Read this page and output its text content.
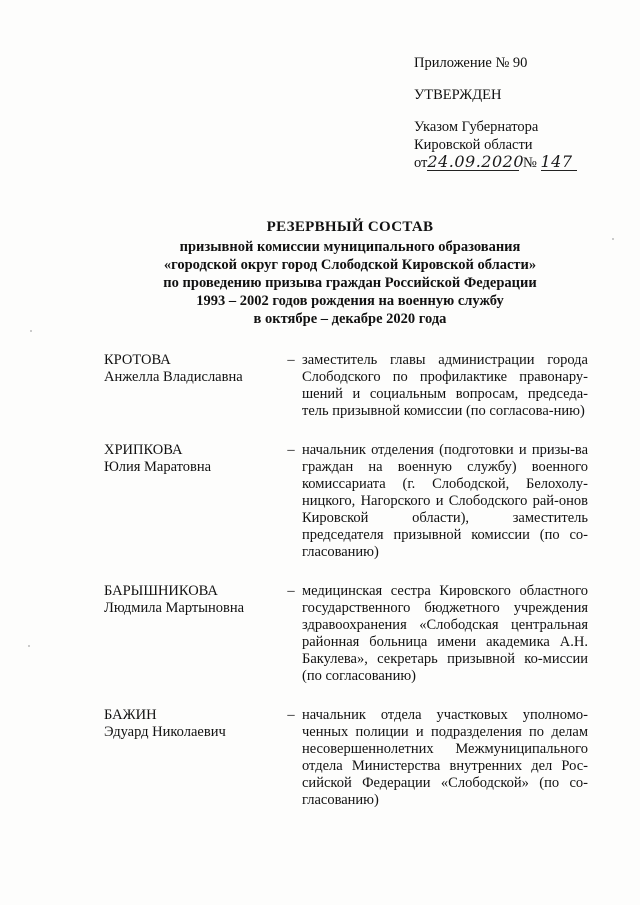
Приложение № 90
УТВЕРЖДЕН
Указом Губернатора
Кировской области
от24.09.2020 № 147
РЕЗЕРВНЫЙ СОСТАВ
призывной комиссии муниципального образования
«городской округ город Слободской Кировской области»
по проведению призыва граждан Российской Федерации
1993 – 2002 годов рождения на военную службу
в октябре – декабре 2020 года
КРОТОВА
Анжелла Владиславна
– заместитель главы администрации города Слободского по профилактике правонару-шений и социальным вопросам, председа-тель призывной комиссии (по согласова-нию)
ХРИПКОВА
Юлия Маратовна
– начальник отделения (подготовки и призы-ва граждан на военную службу) военного комиссариата (г. Слободской, Белохолу-ницкого, Нагорского и Слободского рай-онов Кировской области), заместитель председателя призывной комиссии (по со-гласованию)
БАРЫШНИКОВА
Людмила Мартыновна
– медицинская сестра Кировского областного государственного бюджетного учреждения здравоохранения «Слободская центральная районная больница имени академика А.Н. Бакулева», секретарь призывной ко-миссии (по согласованию)
БАЖИН
Эдуард Николаевич
– начальник отдела участковых уполномо-ченных полиции и подразделения по делам несовершеннолетних Межмуниципального отдела Министерства внутренних дел Рос-сийской Федерации «Слободской» (по со-гласованию)
